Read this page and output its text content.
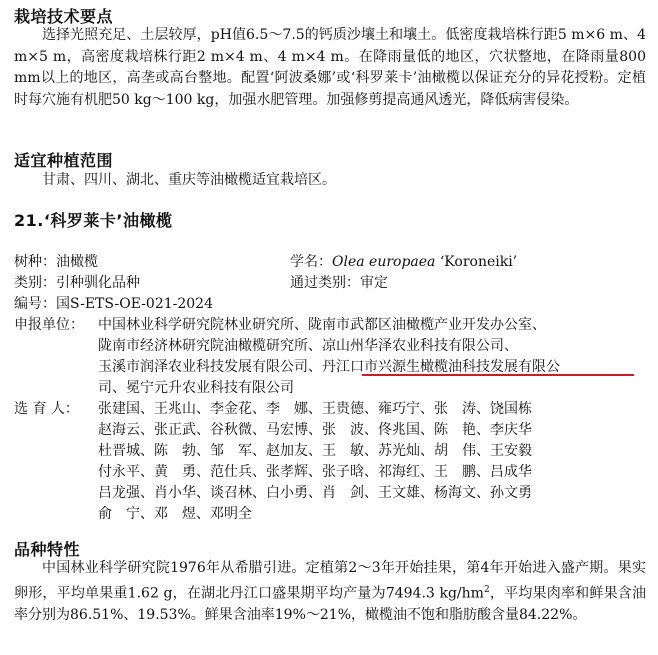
栽培技术要点

选择光照充足、土层较厚，pH值6.5～7.5的钙质沙壤土和壤土。低密度栽培株行距5 m×6 m、4 m×5 m，高密度栽培株行距2 m×4 m、4 m×4 m。在降雨量低的地区，穴状整地，在降雨量800 mm以上的地区，高垄或高台整地。配置‘阿波桑娜’或‘科罗莱卡’油橄榄以保证充分的异花授粉。定植时每穴施有机肥50 kg～100 kg，加强水肥管理。加强修剪提高通风透光，降低病害侵染。

适宜种植范围

甘肃、四川、湖北、重庆等油橄榄适宜栽培区。

21.‘科罗莱卡’油橄榄
树种：油橄榄	学名：Olea europaea ‘Koroneiki’
类别：引种驯化品种	通过类别：审定
编号：国S-ETS-OE-021-2024
申报单位： 中国林业科学研究院林业研究所、陇南市武都区油橄榄产业开发办公室、
陇南市经济林研究院油橄榄研究所、凉山州华泽农业科技有限公司、
玉溪市润泽农业科技发展有限公司、丹江口市兴源生橄榄油科技发展有限公
司、冕宁元升农业科技有限公司
选 育 人： 张建国、王兆山、李金花、李　娜、王贵德、雍巧宁、张　涛、饶国栋
赵海云、张正武、谷秋微、马宏博、张　波、佟兆国、陈　艳、李庆华
杜晋城、陈　勃、邹　军、赵加友、王　敏、苏光灿、胡　伟、王安毅
付永平、黄　勇、范仕兵、张孝辉、张子晗、祁海红、王　鹏、吕成华
吕龙强、肖小华、谈召林、白小勇、肖　剑、王文雄、杨海文、孙文勇
俞　宁、邓　煜、邓明全
品种特性

中国林业科学研究院1976年从希腊引进。定植第2～3年开始挂果，第4年开始进入盛产期。果实卵形，平均单果重1.62 g，在湖北丹江口盛果期平均产量为7494.3 $kg/hm^2$，平均果肉率和鲜果含油率分别为86.51%、19.53%。鲜果含油率19%～21%，橄榄油不饱和脂肪酸含量84.22%。
